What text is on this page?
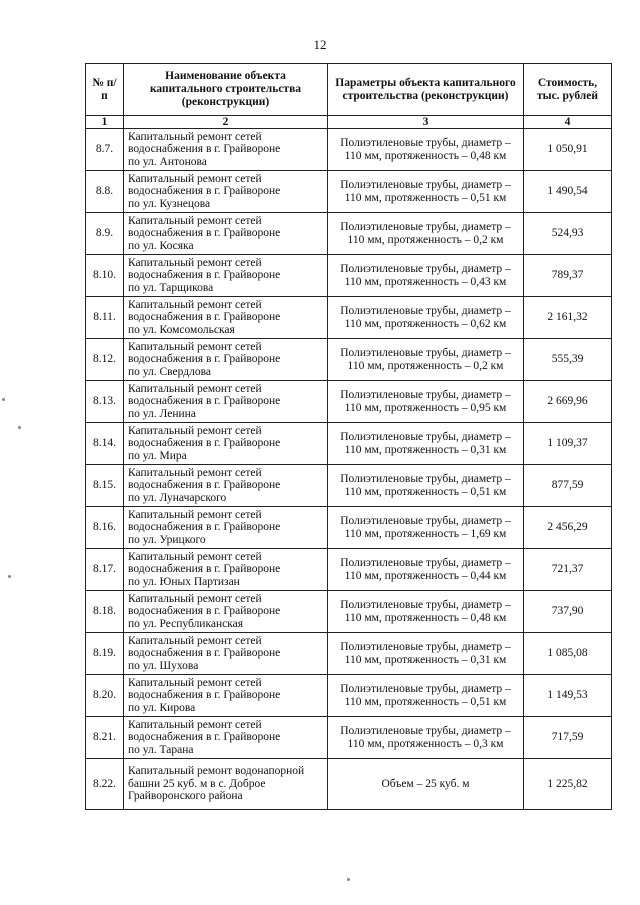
12
№ п/п	Наименование объекта капитального строительства (реконструкции)	Параметры объекта капитального строительства (реконструкции)	Стоимость, тыс. рублей
1	2	3	4
8.7.	Капитальный ремонт сетей
водоснабжения в г. Грайвороне
по ул. Антонова	Полиэтиленовые трубы, диаметр –
110 мм, протяженность – 0,48 км	1 050,91
8.8.	Капитальный ремонт сетей
водоснабжения в г. Грайвороне
по ул. Кузнецова	Полиэтиленовые трубы, диаметр –
110 мм, протяженность – 0,51 км	1 490,54
8.9.	Капитальный ремонт сетей
водоснабжения в г. Грайвороне
по ул. Косяка	Полиэтиленовые трубы, диаметр –
110 мм, протяженность – 0,2 км	524,93
8.10.	Капитальный ремонт сетей
водоснабжения в г. Грайвороне
по ул. Тарщикова	Полиэтиленовые трубы, диаметр –
110 мм, протяженность – 0,43 км	789,37
8.11.	Капитальный ремонт сетей
водоснабжения в г. Грайвороне
по ул. Комсомольская	Полиэтиленовые трубы, диаметр –
110 мм, протяженность – 0,62 км	2 161,32
8.12.	Капитальный ремонт сетей
водоснабжения в г. Грайвороне
по ул. Свердлова	Полиэтиленовые трубы, диаметр –
110 мм, протяженность – 0,2 км	555,39
8.13.	Капитальный ремонт сетей
водоснабжения в г. Грайвороне
по ул. Ленина	Полиэтиленовые трубы, диаметр –
110 мм, протяженность – 0,95 км	2 669,96
8.14.	Капитальный ремонт сетей
водоснабжения в г. Грайвороне
по ул. Мира	Полиэтиленовые трубы, диаметр –
110 мм, протяженность – 0,31 км	1 109,37
8.15.	Капитальный ремонт сетей
водоснабжения в г. Грайвороне
по ул. Луначарского	Полиэтиленовые трубы, диаметр –
110 мм, протяженность – 0,51 км	877,59
8.16.	Капитальный ремонт сетей
водоснабжения в г. Грайвороне
по ул. Урицкого	Полиэтиленовые трубы, диаметр –
110 мм, протяженность – 1,69 км	2 456,29
8.17.	Капитальный ремонт сетей
водоснабжения в г. Грайвороне
по ул. Юных Партизан	Полиэтиленовые трубы, диаметр –
110 мм, протяженность – 0,44 км	721,37
8.18.	Капитальный ремонт сетей
водоснабжения в г. Грайвороне
по ул. Республиканская	Полиэтиленовые трубы, диаметр –
110 мм, протяженность – 0,48 км	737,90
8.19.	Капитальный ремонт сетей
водоснабжения в г. Грайвороне
по ул. Шухова	Полиэтиленовые трубы, диаметр –
110 мм, протяженность – 0,31 км	1 085,08
8.20.	Капитальный ремонт сетей
водоснабжения в г. Грайвороне
по ул. Кирова	Полиэтиленовые трубы, диаметр –
110 мм, протяженность – 0,51 км	1 149,53
8.21.	Капитальный ремонт сетей
водоснабжения в г. Грайвороне
по ул. Тарана	Полиэтиленовые трубы, диаметр –
110 мм, протяженность – 0,3 км	717,59
8.22.	Капитальный ремонт водонапорной
башни 25 куб. м в с. Доброе
Грайворонского района	Объем – 25 куб. м	1 225,82
